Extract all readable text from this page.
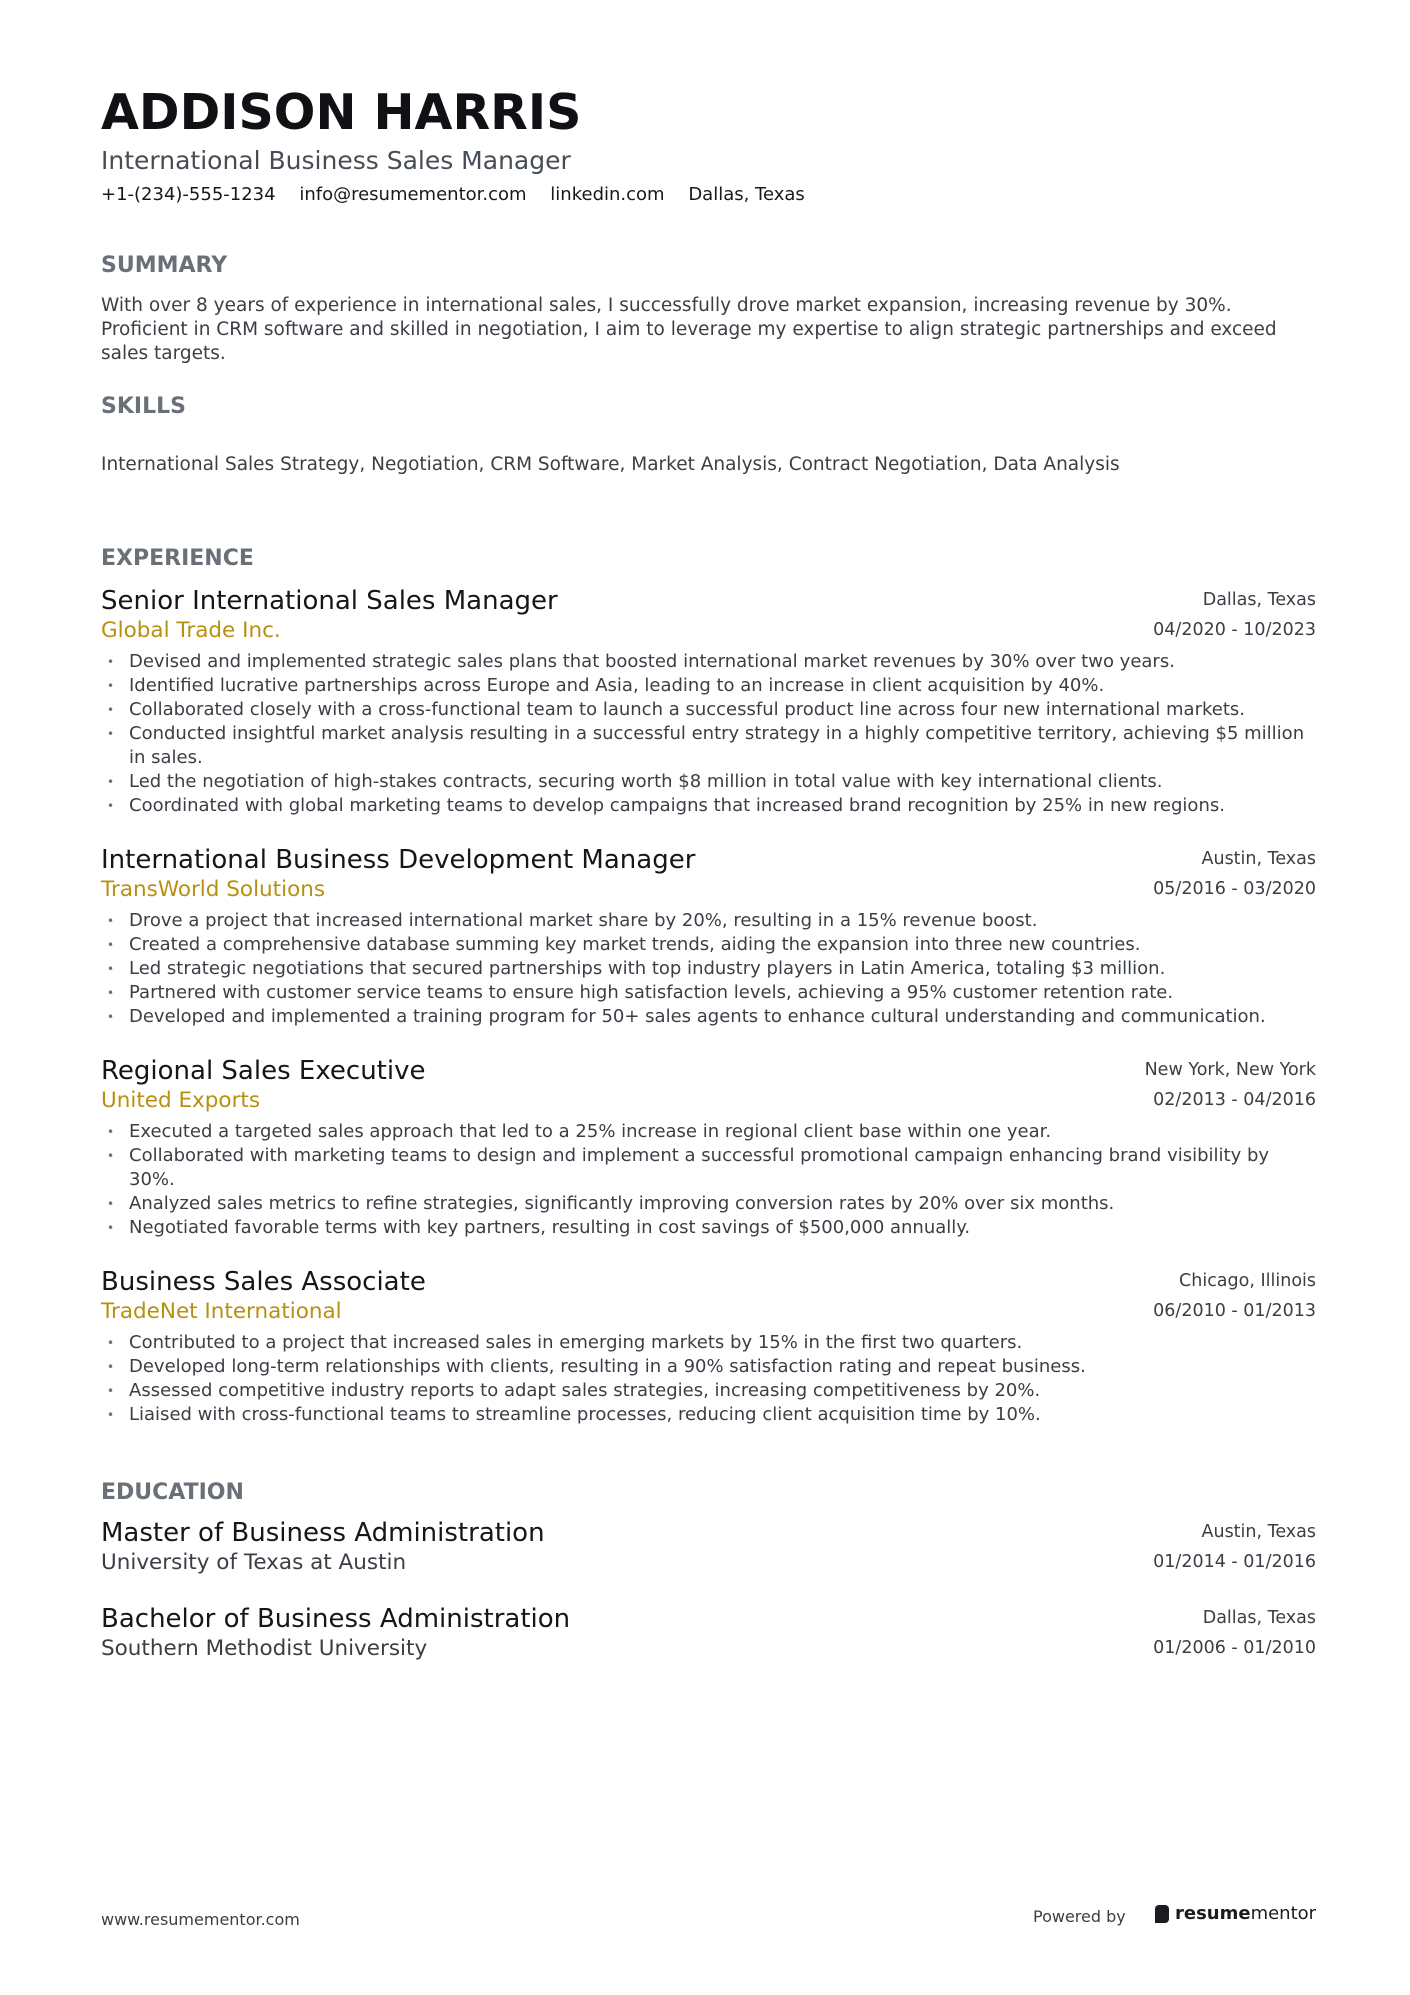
ADDISON HARRIS
International Business Sales Manager
+1-(234)-555-1234 info@resumementor.com linkedin.com Dallas, Texas
SUMMARY
With over 8 years of experience in international sales, I successfully drove market expansion, increasing revenue by 30%. Proficient in CRM software and skilled in negotiation, I aim to leverage my expertise to align strategic partnerships and exceed sales targets.
SKILLS
International Sales Strategy, Negotiation, CRM Software, Market Analysis, Contract Negotiation, Data Analysis
EXPERIENCE
Senior International Sales Manager
Global Trade Inc.
Dallas, Texas
04/2020 - 10/2023
• Devised and implemented strategic sales plans that boosted international market revenues by 30% over two years.
• Identified lucrative partnerships across Europe and Asia, leading to an increase in client acquisition by 40%.
• Collaborated closely with a cross-functional team to launch a successful product line across four new international markets.
• Conducted insightful market analysis resulting in a successful entry strategy in a highly competitive territory, achieving $5 million in sales.
• Led the negotiation of high-stakes contracts, securing worth $8 million in total value with key international clients.
• Coordinated with global marketing teams to develop campaigns that increased brand recognition by 25% in new regions.
International Business Development Manager
TransWorld Solutions
Austin, Texas
05/2016 - 03/2020
• Drove a project that increased international market share by 20%, resulting in a 15% revenue boost.
• Created a comprehensive database summing key market trends, aiding the expansion into three new countries.
• Led strategic negotiations that secured partnerships with top industry players in Latin America, totaling $3 million.
• Partnered with customer service teams to ensure high satisfaction levels, achieving a 95% customer retention rate.
• Developed and implemented a training program for 50+ sales agents to enhance cultural understanding and communication.
Regional Sales Executive
United Exports
New York, New York
02/2013 - 04/2016
• Executed a targeted sales approach that led to a 25% increase in regional client base within one year.
• Collaborated with marketing teams to design and implement a successful promotional campaign enhancing brand visibility by 30%.
• Analyzed sales metrics to refine strategies, significantly improving conversion rates by 20% over six months.
• Negotiated favorable terms with key partners, resulting in cost savings of $500,000 annually.
Business Sales Associate
TradeNet International
Chicago, Illinois
06/2010 - 01/2013
• Contributed to a project that increased sales in emerging markets by 15% in the first two quarters.
• Developed long-term relationships with clients, resulting in a 90% satisfaction rating and repeat business.
• Assessed competitive industry reports to adapt sales strategies, increasing competitiveness by 20%.
• Liaised with cross-functional teams to streamline processes, reducing client acquisition time by 10%.
EDUCATION
Master of Business Administration
University of Texas at Austin
Austin, Texas
01/2014 - 01/2016
Bachelor of Business Administration
Southern Methodist University
Dallas, Texas
01/2006 - 01/2010
www.resumementor.com	Powered by	resume mentor
